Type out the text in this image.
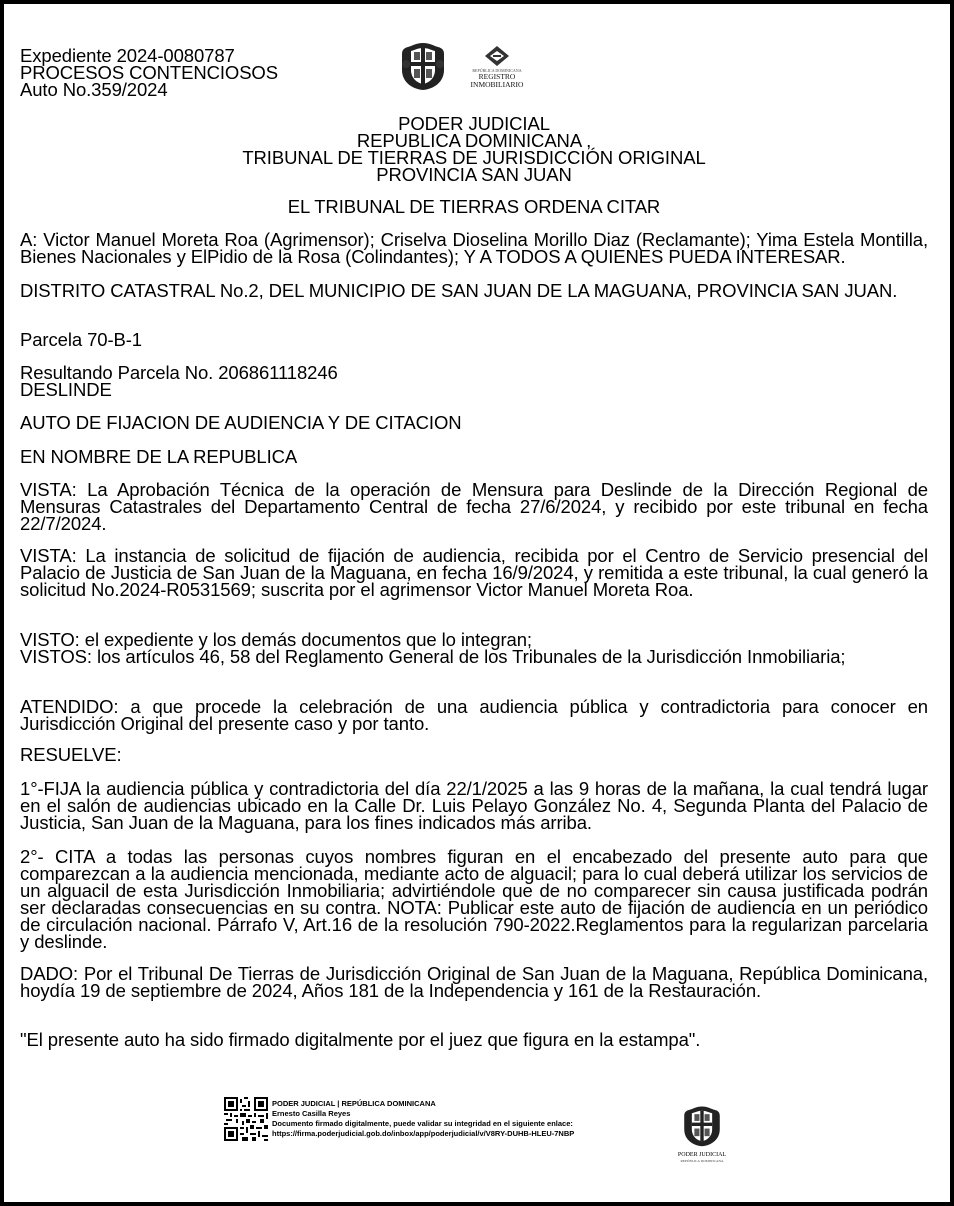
Expediente 2024-0080787
PROCESOS CONTENCIOSOS
Auto No.359/2024
REPÚBLICA DOMINICANA
REGISTRO
INMOBILIARIO
PODER JUDICIAL
REPUBLICA DOMINICANA ,
TRIBUNAL DE TIERRAS DE JURISDICCIÓN ORIGINAL
PROVINCIA SAN JUAN
EL TRIBUNAL DE TIERRAS ORDENA CITAR
A: Victor Manuel Moreta Roa (Agrimensor); Criselva Dioselina Morillo Diaz (Reclamante); Yima Estela Montilla, Bienes Nacionales y ElPidio de la Rosa (Colindantes); Y A TODOS A QUIENES PUEDA INTERESAR.
DISTRITO CATASTRAL No.2, DEL MUNICIPIO DE SAN JUAN DE LA MAGUANA, PROVINCIA SAN JUAN.
Parcela 70-B-1
Resultando Parcela No. 206861118246
DESLINDE
AUTO DE FIJACION DE AUDIENCIA Y DE CITACION
EN NOMBRE DE LA REPUBLICA
VISTA: La Aprobación Técnica de la operación de Mensura para Deslinde de la Dirección Regional de Mensuras Catastrales del Departamento Central de fecha 27/6/2024, y recibido por este tribunal en fecha 22/7/2024.
VISTA: La instancia de solicitud de fijación de audiencia, recibida por el Centro de Servicio presencial del Palacio de Justicia de San Juan de la Maguana, en fecha 16/9/2024, y remitida a este tribunal, la cual generó la solicitud No.2024-R0531569; suscrita por el agrimensor Victor Manuel Moreta Roa.
VISTO: el expediente y los demás documentos que lo integran;
VISTOS: los artículos 46, 58 del Reglamento General de los Tribunales de la Jurisdicción Inmobiliaria;
ATENDIDO: a que procede la celebración de una audiencia pública y contradictoria para conocer en Jurisdicción Original del presente caso y por tanto.
RESUELVE:
1°-FIJA la audiencia pública y contradictoria del día 22/1/2025 a las 9 horas de la mañana, la cual tendrá lugar en el salón de audiencias ubicado en la Calle Dr. Luis Pelayo González No. 4, Segunda Planta del Palacio de Justicia, San Juan de la Maguana, para los fines indicados más arriba.
2°- CITA a todas las personas cuyos nombres figuran en el encabezado del presente auto para que comparezcan a la audiencia mencionada, mediante acto de alguacil; para lo cual deberá utilizar los servicios de un alguacil de esta Jurisdicción Inmobiliaria; advirtiéndole que de no comparecer sin causa justificada podrán ser declaradas consecuencias en su contra. NOTA: Publicar este auto de fijación de audiencia en un periódico de circulación nacional. Párrafo V, Art.16 de la resolución 790-2022.Reglamentos para la regularizan parcelaria y deslinde.
DADO: Por el Tribunal De Tierras de Jurisdicción Original de San Juan de la Maguana, República Dominicana, hoydía 19 de septiembre de 2024, Años 181 de la Independencia y 161 de la Restauración.
"El presente auto ha sido firmado digitalmente por el juez que figura en la estampa".
PODER JUDICIAL | REPÚBLICA DOMINICANA
Ernesto Casilla Reyes
Documento firmado digitalmente, puede validar su integridad en el siguiente enlace:
https://firma.poderjudicial.gob.do/inbox/app/poderjudicial/v/V8RY-DUHB-HLEU-7NBP
PODER JUDICIAL
REPÚBLICA DOMINICANA
